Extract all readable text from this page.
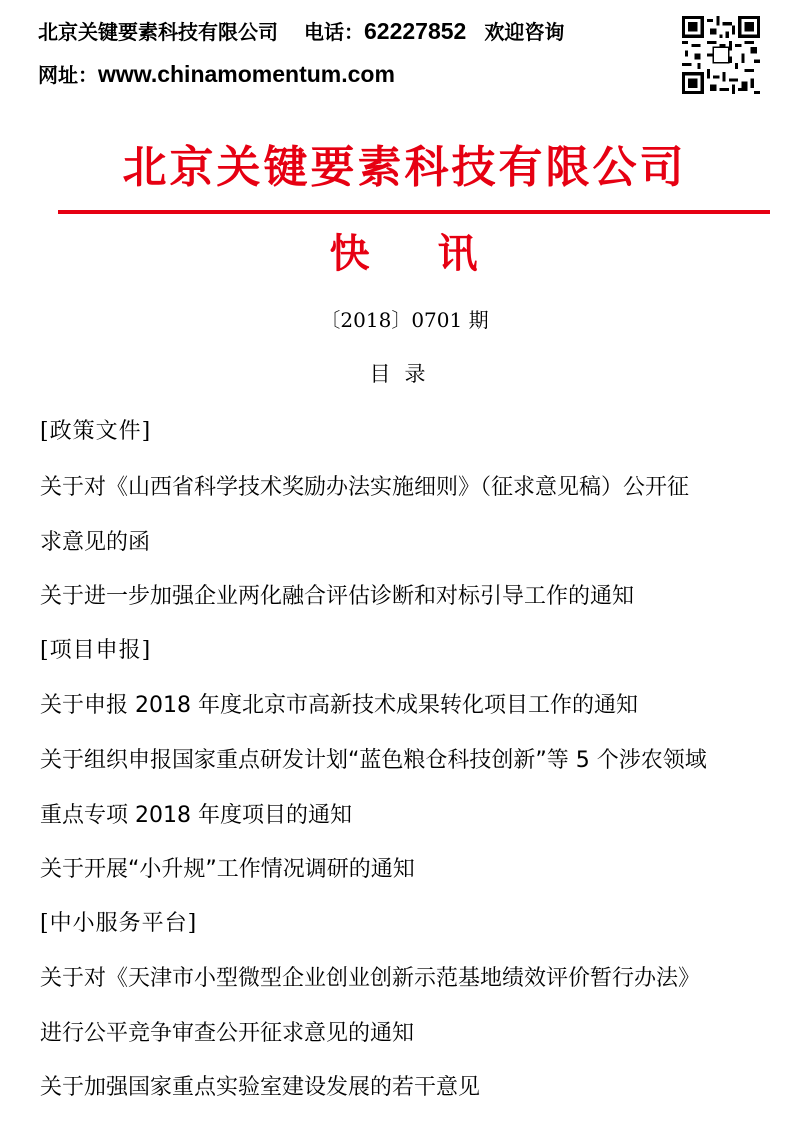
北京关键要素科技有限公司 电话：62227852 欢迎咨询
网址：www.chinamomentum.com
北京关键要素科技有限公司
快 讯
〔2018〕0701 期
目录
[政策文件]
关于对《山西省科学技术奖励办法实施细则》（征求意见稿）公开征
求意见的函
关于进一步加强企业两化融合评估诊断和对标引导工作的通知
[项目申报]
关于申报 2018 年度北京市高新技术成果转化项目工作的通知
关于组织申报国家重点研发计划“蓝色粮仓科技创新”等 5 个涉农领域
重点专项 2018 年度项目的通知
关于开展“小升规”工作情况调研的通知
[中小服务平台]
关于对《天津市小型微型企业创业创新示范基地绩效评价暂行办法》
进行公平竞争审查公开征求意见的通知
关于加强国家重点实验室建设发展的若干意见
